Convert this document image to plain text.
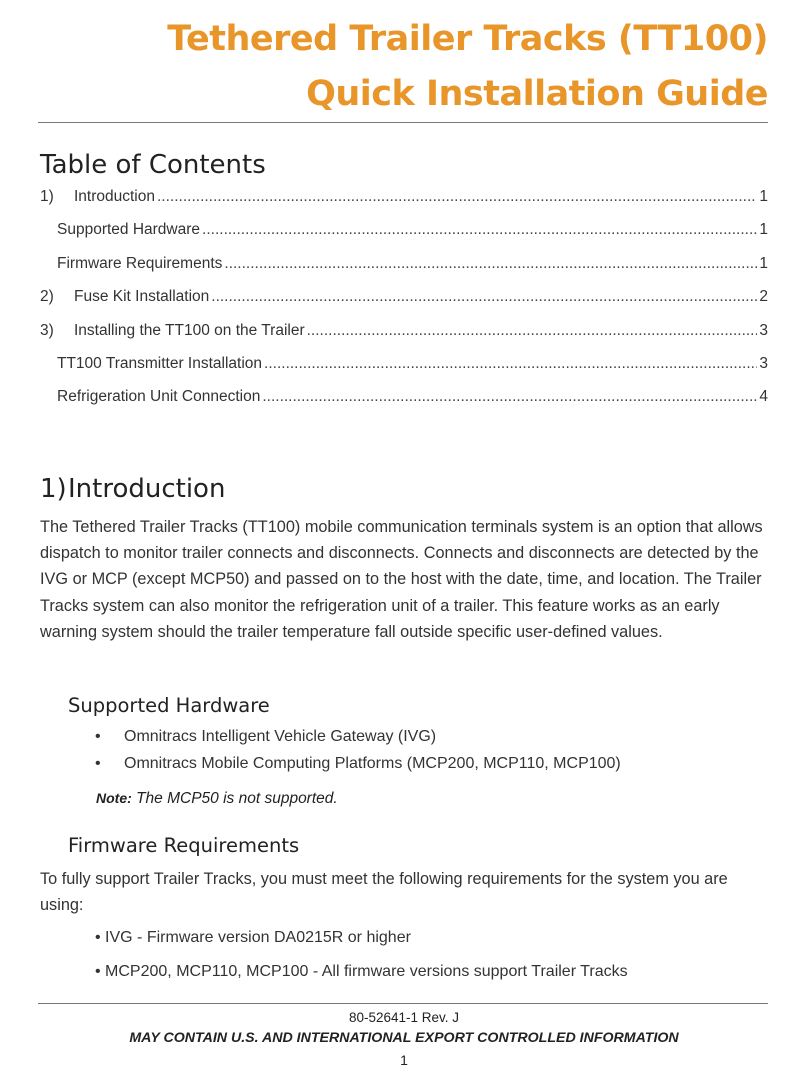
Tethered Trailer Tracks (TT100)
Quick Installation Guide
Table of Contents
1)	Introduction .....	1
Supported Hardware .....	1
Firmware Requirements .....	1
2)	Fuse Kit Installation .....	2
3)	Installing the TT100 on the Trailer .....	3
TT100 Transmitter Installation .....	3
Refrigeration Unit Connection .....	4
1)Introduction

The Tethered Trailer Tracks (TT100) mobile communication terminals system is an option that allows dispatch to monitor trailer connects and disconnects. Connects and disconnects are detected by the IVG or MCP (except MCP50) and passed on to the host with the date, time, and location. The Trailer Tracks system can also monitor the refrigeration unit of a trailer. This feature works as an early warning system should the trailer temperature fall outside specific user-defined values.

Supported Hardware
• Omnitracs Intelligent Vehicle Gateway (IVG)
• Omnitracs Mobile Computing Platforms (MCP200, MCP110, MCP100)
Note: The MCP50 is not supported.
Firmware Requirements

To fully support Trailer Tracks, you must meet the following requirements for the system you are using:

• IVG - Firmware version DA0215R or higher
• MCP200, MCP110, MCP100 - All firmware versions support Trailer Tracks
80-52641-1 Rev. J
MAY CONTAIN U.S. AND INTERNATIONAL EXPORT CONTROLLED INFORMATION
1
